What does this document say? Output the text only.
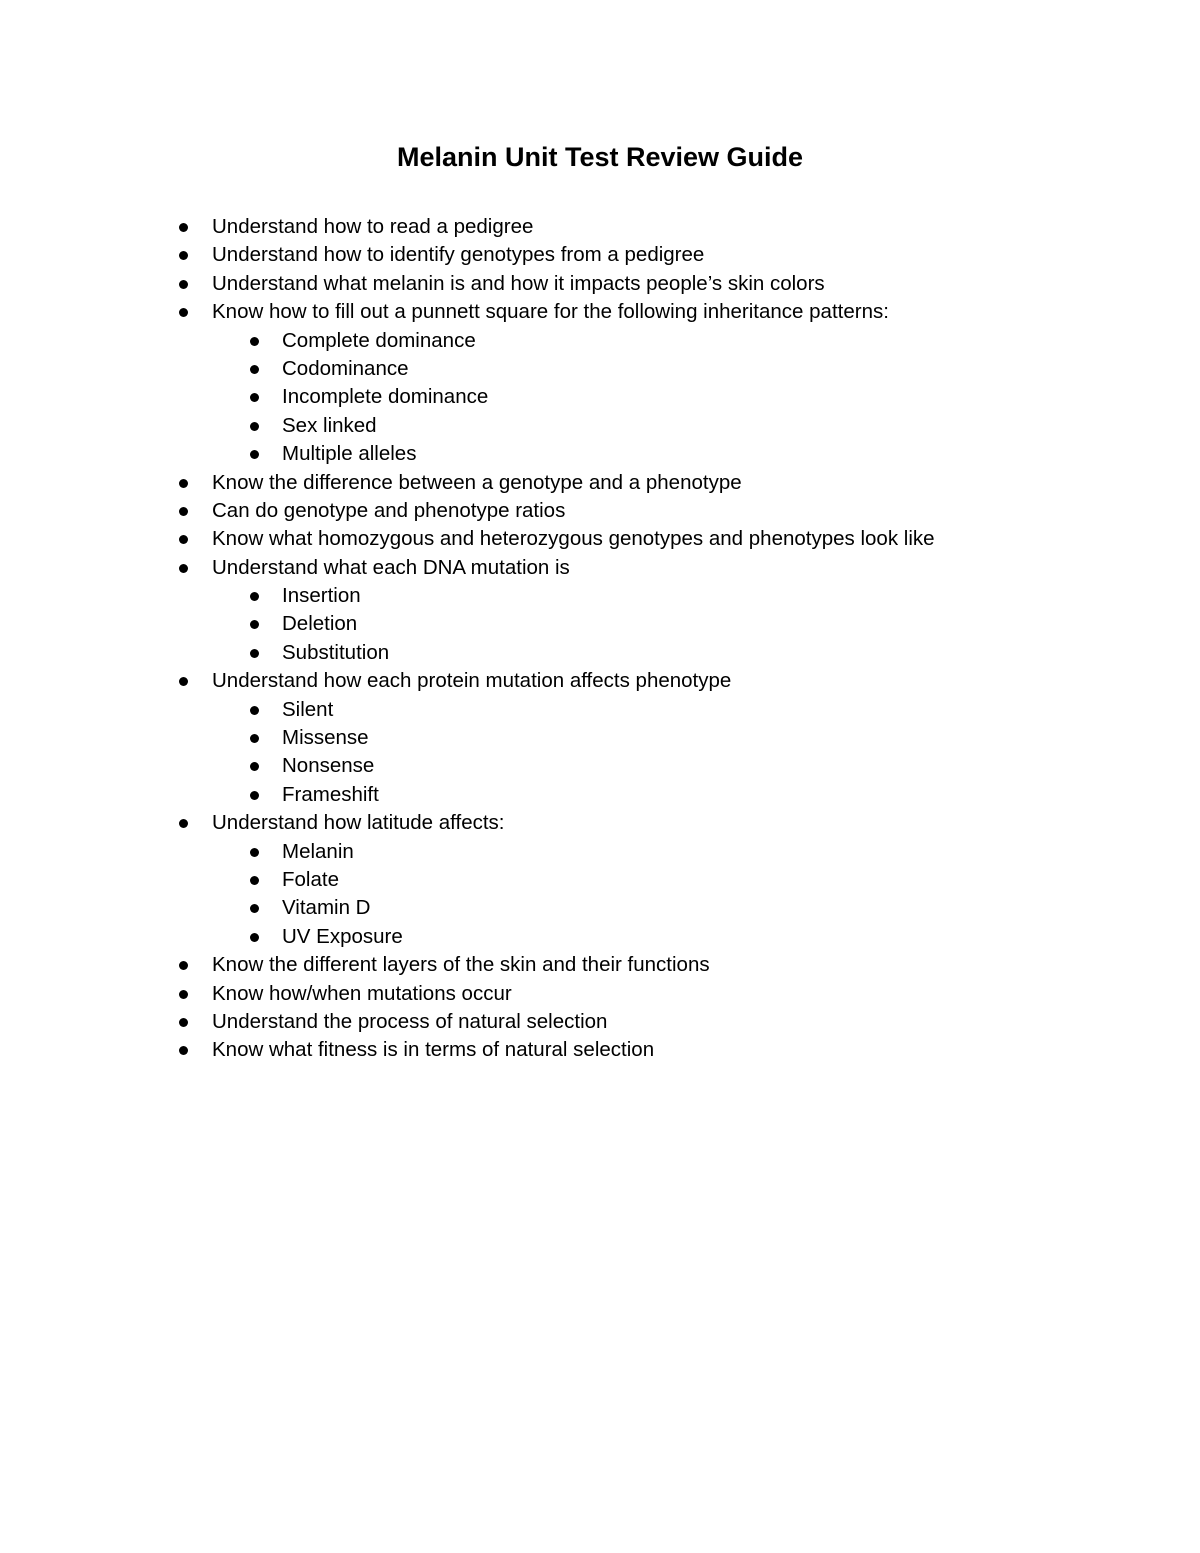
Melanin Unit Test Review Guide
Understand how to read a pedigree
Understand how to identify genotypes from a pedigree
Understand what melanin is and how it impacts people’s skin colors
Know how to fill out a punnett square for the following inheritance patterns:
Complete dominance
Codominance
Incomplete dominance
Sex linked
Multiple alleles
Know the difference between a genotype and a phenotype
Can do genotype and phenotype ratios
Know what homozygous and heterozygous genotypes and phenotypes look like
Understand what each DNA mutation is
Insertion
Deletion
Substitution
Understand how each protein mutation affects phenotype
Silent
Missense
Nonsense
Frameshift
Understand how latitude affects:
Melanin
Folate
Vitamin D
UV Exposure
Know the different layers of the skin and their functions
Know how/when mutations occur
Understand the process of natural selection
Know what fitness is in terms of natural selection
